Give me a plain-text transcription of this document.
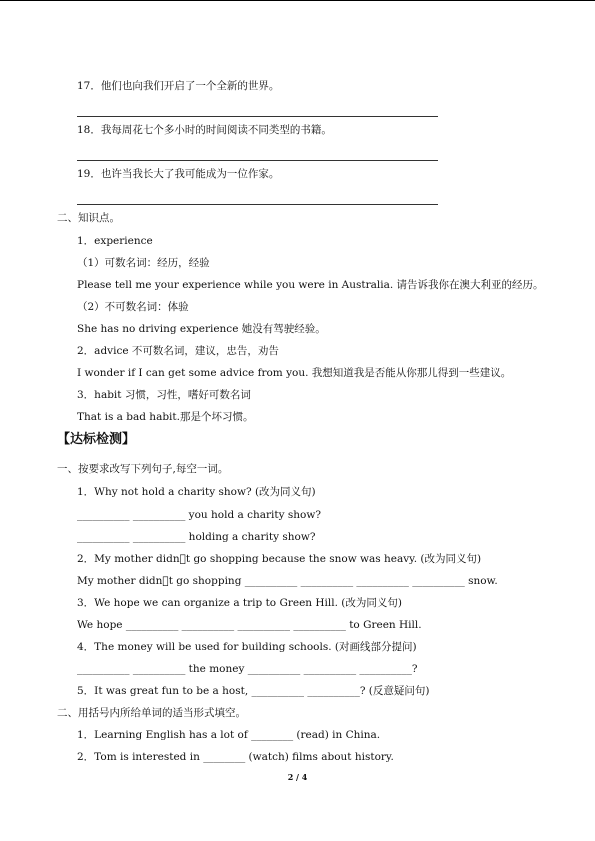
17．他们也向我们开启了一个全新的世界。
18．我每周花七个多小时的时间阅读不同类型的书籍。
19．也许当我长大了我可能成为一位作家。
二、知识点。
1．experience
（1）可数名词：经历，经验
Please tell me your experience while you were in Australia. 请告诉我你在澳大利亚的经历。
（2）不可数名词：体验
She has no driving experience 她没有驾驶经验。
2．advice 不可数名词，建议，忠告，劝告
I wonder if I can get some advice from you. 我想知道我是否能从你那儿得到一些建议。
3．habit 习惯，习性，嗜好可数名词
That is a bad habit.那是个坏习惯。
【达标检测】
一、按要求改写下列句子,每空一词。
1．Why not hold a charity show? (改为同义句)
__________ __________ you hold a charity show?
__________ __________ holding a charity show?
2．My mother didn t go shopping because the snow was heavy. (改为同义句)
My mother didn t go shopping __________ __________ __________ __________ snow.
3．We hope we can organize a trip to Green Hill. (改为同义句)
We hope __________ __________ __________ __________ to Green Hill.
4．The money will be used for building schools. (对画线部分提问)
__________ __________ the money __________ __________ __________?
5．It was great fun to be a host, __________ __________? (反意疑问句)
二、用括号内所给单词的适当形式填空。
1．Learning English has a lot of ________ (read) in China.
2．Tom is interested in ________ (watch) films about history.
2 / 4
